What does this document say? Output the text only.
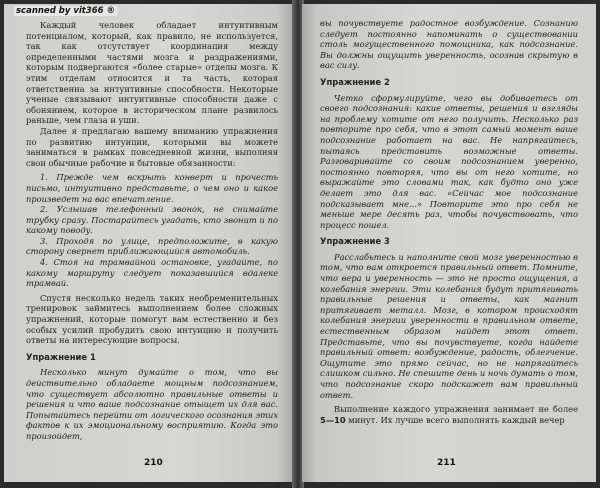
scanned by vit366 ®

Каждый человек обладает интуитивным потенциалом, который, как правило, не используется, так как отсутствует координация между определенными частями мозга и раздражениями, которым подвергаются «более старые» отделы мозга. К этим отделам относится и та часть, которая ответственна за интуитивные способности. Некоторые ученые связывают интуитивные способности даже с обонянием, которое в историческом плане развилось раньше, чем глаза и уши.

Далее я предлагаю вашему вниманию упражнения по развитию интуиции, которыми вы можете заниматься в рамках повседневной жизни, выполняя свои обычные рабочие и бытовые обязанности:

1. Прежде чем вскрыть конверт и прочесть письмо, интуитивно представьте, о чем оно и какое произведет на вас впечатление.

2. Услышав телефонный звонок, не снимайте трубку сразу. Постарайтесь угадать, кто звонит и по какому поводу.

3. Проходя по улице, предположите, в какую сторону свернет приближающийся автомобиль.

4. Стоя на трамвайной остановке, угадайте, по какому маршруту следует показавшийся вдалеке трамвай.

Спустя несколько недель таких необременительных тренировок займитесь выполнением более сложных упражнений, которые помогут вам естественно и без особых усилий пробудить свою интуицию и получить ответы на интересующие вопросы.

Упражнение 1

Несколько минут думайте о том, что вы действительно обладаете мощным подсознанием, что существует абсолютно правильные ответы и решения и что ваше подсознание отыщет их для вас. Попытайтесь перейти от логического осознания этих фактов к их эмоциональному восприятию. Когда это произойдет,

210

вы почувствуете радостное возбуждение. Сознанию следует постоянно напоминать о существовании столь могущественного помощника, как подсознание. Вы должны ощущить уверенность, осознав скрытую в вас силу.

Упражнение 2

Четко сформулируйте, чего вы добиваетесь от своего подсознания: какие ответы, решения и взгляды на проблему хотите от него получить. Несколько раз повторите про себя, что в этот самый момент ваше подсознание работает на вас. Не напрягайтесь, пытаясь представить возможные ответы. Разговаривайте со своим подсознанием уверенно, постоянно повторяя, что вы от него хотите, но выражайте это словами так, как будто оно уже делает это для вас. «Сейчас мое подсознание подсказывает мне...» Повторите это про себя не меньше мере десять раз, чтобы почувствовать, что процесс пошел.

Упражнение 3

Расслабьтесь и наполните свой мозг уверенностью в том, что вам откроется правильный ответ. Помните, что вера и уверенность — это не просто ощущения, а колебания энергии. Эти колебания будут притягивать правильные решения и ответы, как магнит притягивает металл. Мозг, в котором происходят колебания энергии уверенности в правильном ответе, естественным образом найдет этот ответ. Представьте, что вы почувствуете, когда найдете правильный ответ: возбуждение, радость, облегчение. Ощутите это прямо сейчас, но не напрягайтесь слишком сильно. Не спешите день и ночь думать о том, что подсознание скоро подскажет вам правильный ответ.

Выполнение каждого упражнения занимает не более 5—10 минут. Их лучше всего выполнять каждый вечер

211
